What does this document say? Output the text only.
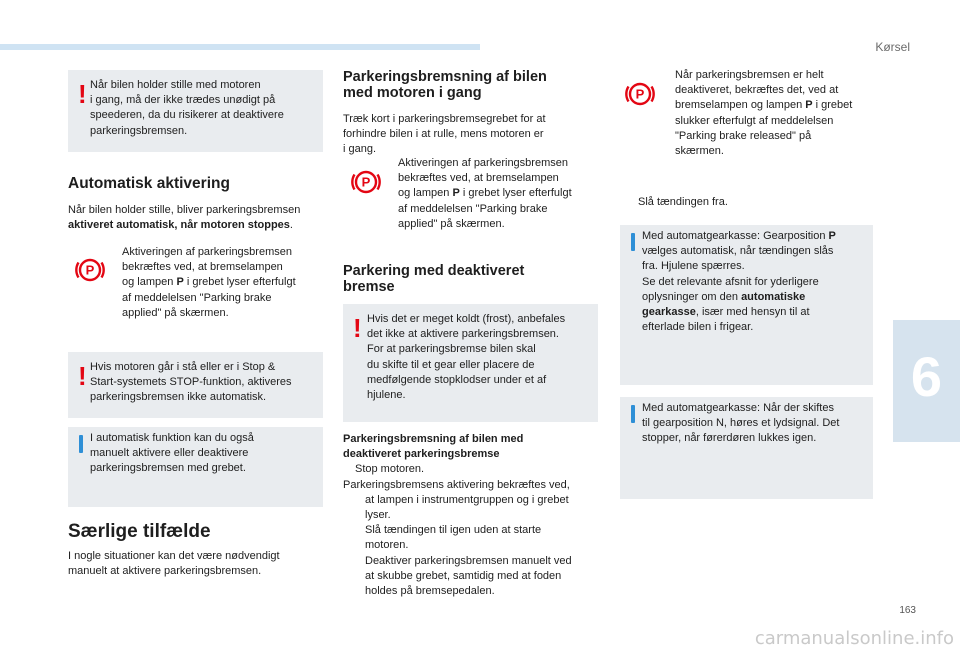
Kørsel
6
163
carmanualsonline.info
! Når bilen holder stille med motoren
i gang, må der ikke trædes unødigt på
speederen, da du risikerer at deaktivere
parkeringsbremsen.
Automatisk aktivering
Når bilen holder stille, bliver parkeringsbremsen
aktiveret automatisk, når motoren stoppes.
P
Aktiveringen af parkeringsbremsen
bekræftes ved, at bremselampen
og lampen P i grebet lyser efterfulgt
af meddelelsen "Parking brake
applied" på skærmen.
! Hvis motoren går i stå eller er i Stop &
Start-systemets STOP-funktion, aktiveres
parkeringsbremsen ikke automatisk.
I automatisk funktion kan du også
manuelt aktivere eller deaktivere
parkeringsbremsen med grebet.
Særlige tilfælde
I nogle situationer kan det være nødvendigt
manuelt at aktivere parkeringsbremsen.
Parkeringsbremsning af bilen
med motoren i gang
Træk kort i parkeringsbremsegrebet for at
forhindre bilen i at rulle, mens motoren er
i gang.
P
Aktiveringen af parkeringsbremsen
bekræftes ved, at bremselampen
og lampen P i grebet lyser efterfulgt
af meddelelsen "Parking brake
applied" på skærmen.
Parkering med deaktiveret
bremse
! Hvis det er meget koldt (frost), anbefales
det ikke at aktivere parkeringsbremsen.
For at parkeringsbremse bilen skal
du skifte til et gear eller placere de
medfølgende stopklodser under et af
hjulene.
Parkeringsbremsning af bilen med
deaktiveret parkeringsbremse
Stop motoren.
Parkeringsbremsens aktivering bekræftes ved,
at lampen i instrumentgruppen og i grebet
lyser.
Slå tændingen til igen uden at starte
motoren.
Deaktiver parkeringsbremsen manuelt ved
at skubbe grebet, samtidig med at foden
holdes på bremsepedalen.
P
Når parkeringsbremsen er helt
deaktiveret, bekræftes det, ved at
bremselampen og lampen P i grebet
slukker efterfulgt af meddelelsen
"Parking brake released" på
skærmen.
Slå tændingen fra.
Med automatgearkasse: Gearposition P
vælges automatisk, når tændingen slås
fra. Hjulene spærres.
Se det relevante afsnit for yderligere
oplysninger om den automatiske
gearkasse, især med hensyn til at
efterlade bilen i frigear.
Med automatgearkasse: Når der skiftes
til gearposition N, høres et lydsignal. Det
stopper, når førerdøren lukkes igen.
